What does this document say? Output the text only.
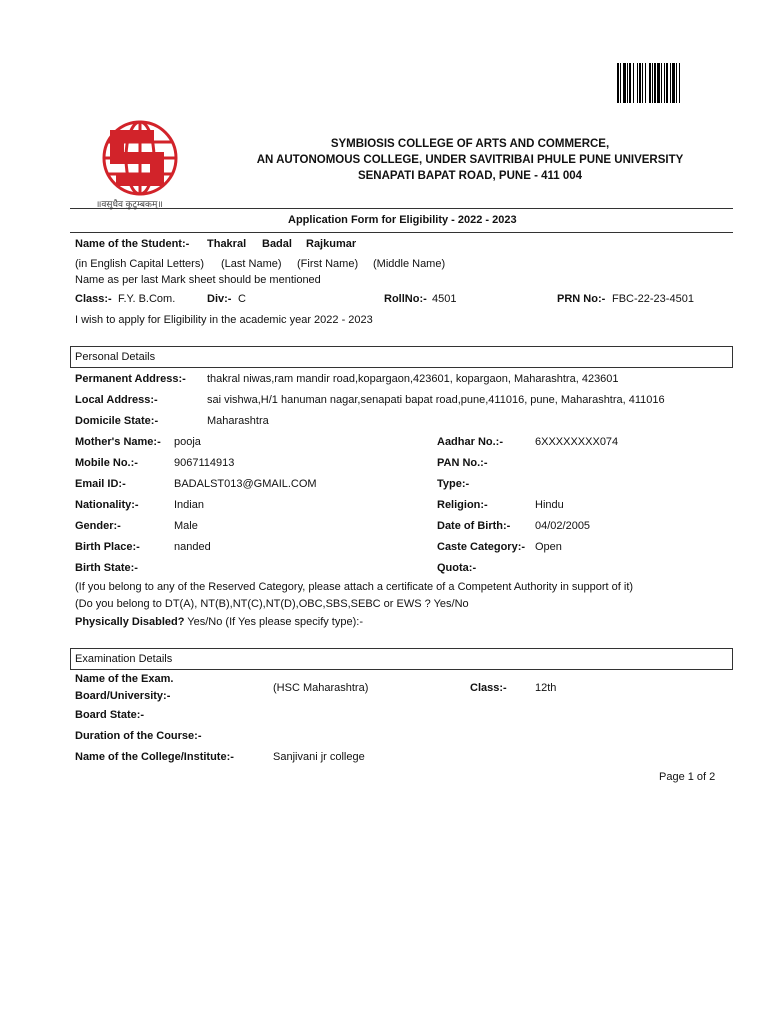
॥वसुधैव कुटुम्बकम्॥
SYMBIOSIS COLLEGE OF ARTS AND COMMERCE,
AN AUTONOMOUS COLLEGE, UNDER SAVITRIBAI PHULE PUNE UNIVERSITY
SENAPATI BAPAT ROAD, PUNE - 411 004
Application Form for Eligibility - 2022 - 2023
Name of the Student:- Thakral Badal Rajkumar
(in English Capital Letters) (Last Name) (First Name) (Middle Name)
Name as per last Mark sheet should be mentioned
Class:- F.Y. B.Com.	Div:- C	RollNo:- 4501	PRN No:- FBC-22-23-4501
I wish to apply for Eligibility in the academic year 2022 - 2023
Personal Details
Permanent Address:- thakral niwas,ram mandir road,kopargaon,423601, kopargaon, Maharashtra, 423601
Local Address:-	sai vishwa,H/1 hanuman nagar,senapati bapat road,pune,411016, pune, Maharashtra, 411016
Domicile State:-	Maharashtra
Mother's Name:- pooja	Aadhar No.:-	6XXXXXXXX074
Mobile No.:-	9067114913	PAN No.:-
Email ID:-	BADALST013@GMAIL.COM	Type:-
Nationality:-	Indian	Religion:-	Hindu
Gender:-	Male	Date of Birth:- 04/02/2005
Birth Place:-	nanded	Caste Category:- Open
Birth State:-	Quota:-
(If you belong to any of the Reserved Category, please attach a certificate of a Competent Authority in support of it)
(Do you belong to DT(A), NT(B),NT(C),NT(D),OBC,SBS,SEBC or EWS ? Yes/No
Physically Disabled? Yes/No (If Yes please specify type):-
Examination Details
Name of the Exam.
Board/University:-
(HSC Maharashtra)	Class:-	12th
Board State:-
Duration of the Course:-
Name of the College/Institute:-	Sanjivani jr college
Page 1 of 2
